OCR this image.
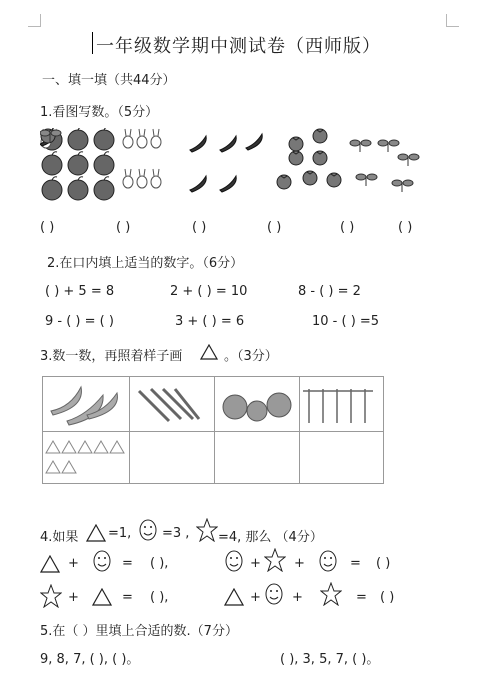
一年级数学期中测试卷（西师版）
一、填一填（共44分）
1.看图写数。（5分）
( )	( )	( )	( )	( )	( )
2.在口内填上适当的数字。（6分）
( ) + 5 = 8	2 + ( ) = 10	8 - ( ) = 2
9 - ( ) = ( )	3 + ( ) = 6	10 - ( ) =5
3.数一数，再照着样子画	。（3分）
4.如果 =1, =3 , =4, 那么 （4分）
+	= ( ),	+	+	= ( )
+	= ( ),	+ +	= ( )
5.在（ ）里填上合适的数.（7分）
9, 8, 7, ( ), ( )。	( ), 3, 5, 7, ( )。
